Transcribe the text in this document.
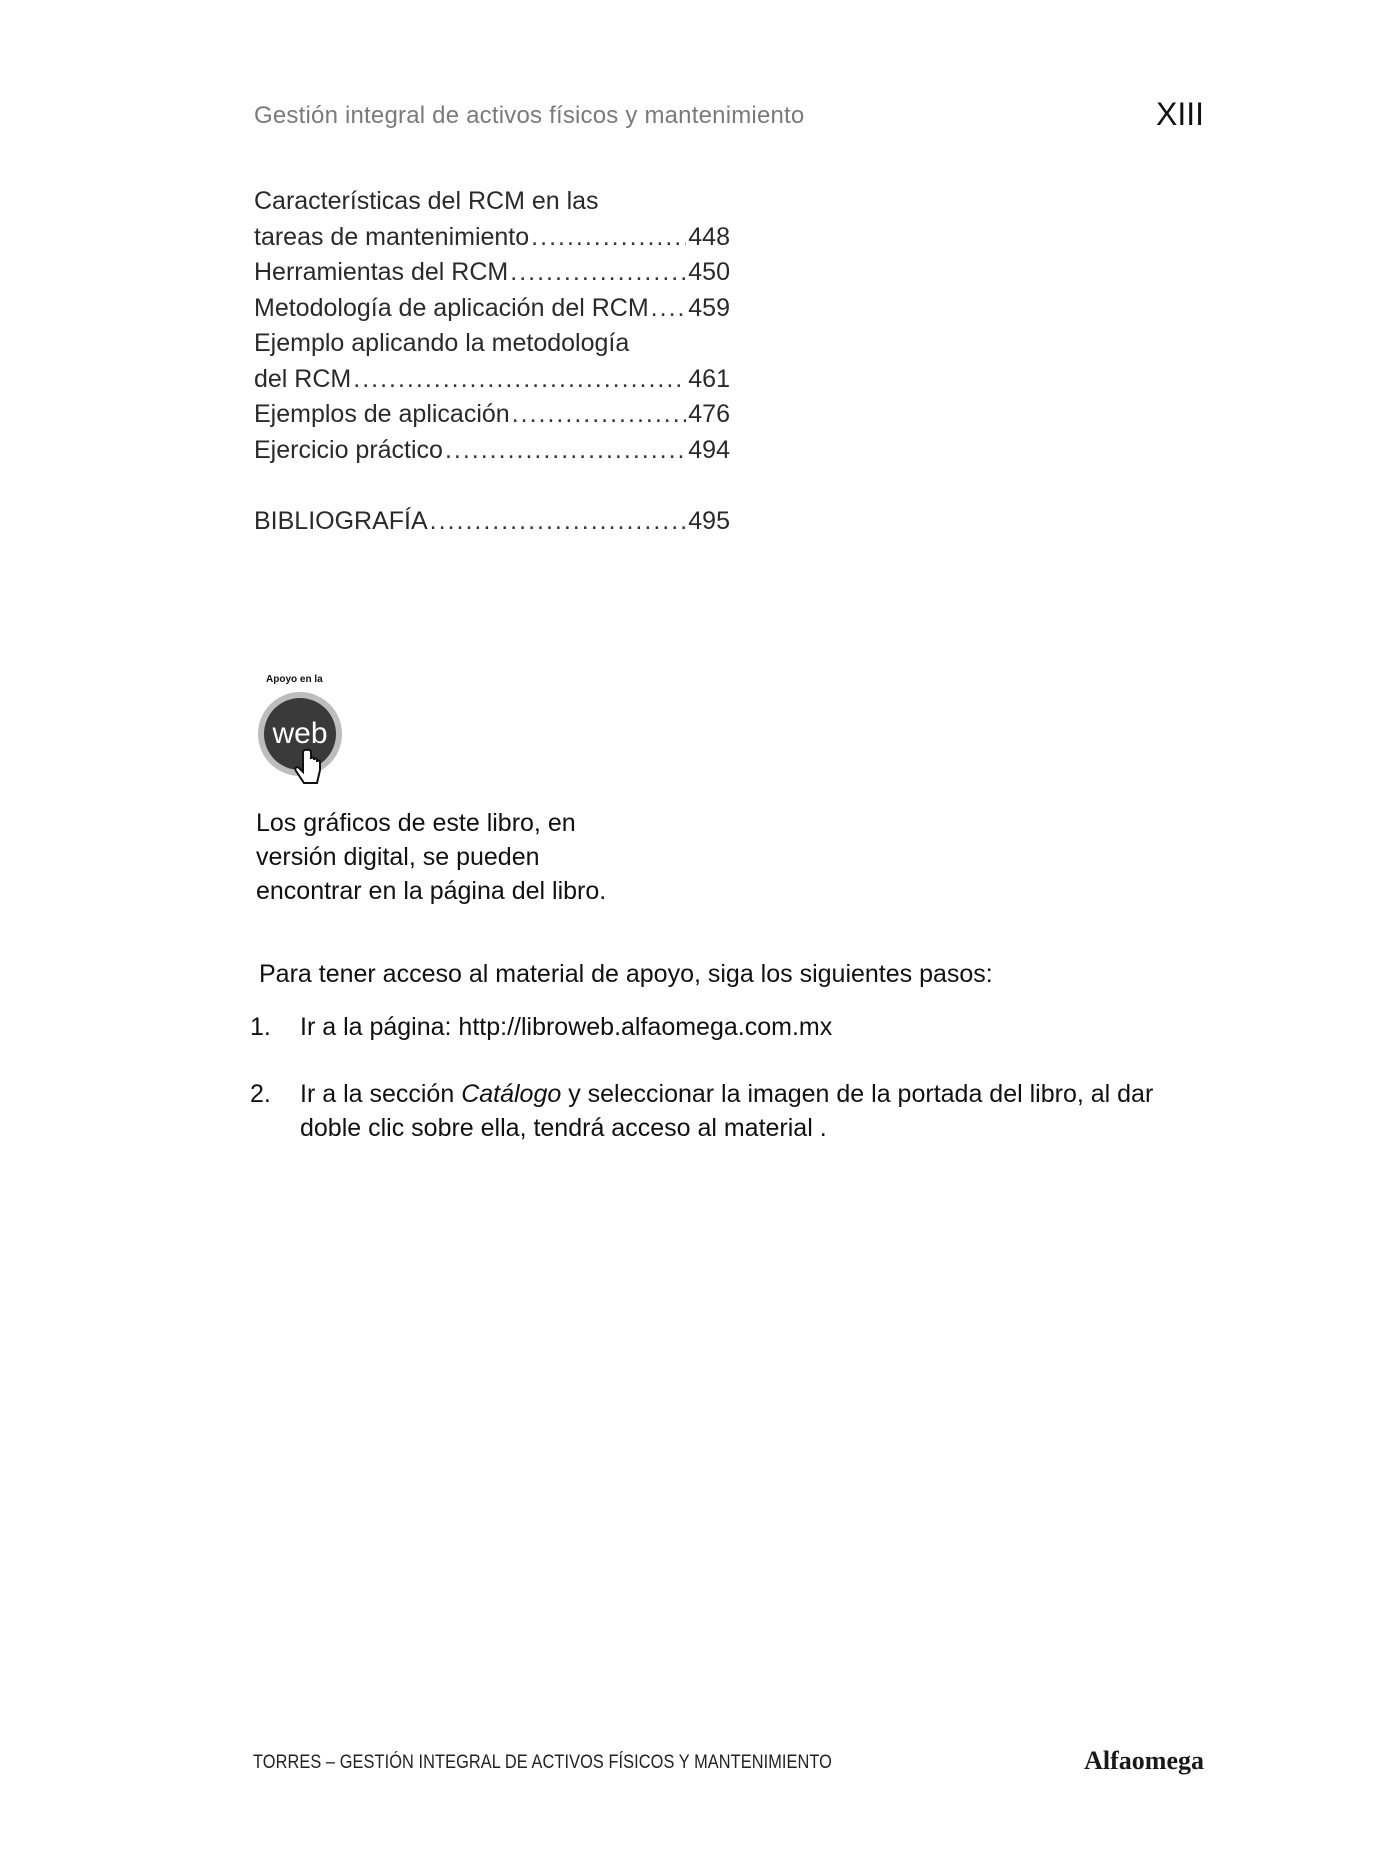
Gestión integral de activos físicos y mantenimiento	XIII
Características del RCM en las
tareas de mantenimiento .....	448
Herramientas del RCM .....	450
Metodología de aplicación del RCM ..... 459
Ejemplo aplicando la metodología
del RCM .....	461
Ejemplos de aplicación .....	476
Ejercicio práctico .....	494
BIBLIOGRAFÍA .....	495
Apoyo en la
web
Los gráficos de este libro, en
versión digital, se pueden
encontrar en la página del libro.
Para tener acceso al material de apoyo, siga los siguientes pasos:
1.	Ir a la página: http://libroweb.alfaomega.com.mx
2.	Ir a la sección Catálogo y seleccionar la imagen de la portada del libro, al dar doble clic sobre ella, tendrá acceso al material .
TORRES – GESTIÓN INTEGRAL DE ACTIVOS FÍSICOS Y MANTENIMIENTO	Alfaomega
